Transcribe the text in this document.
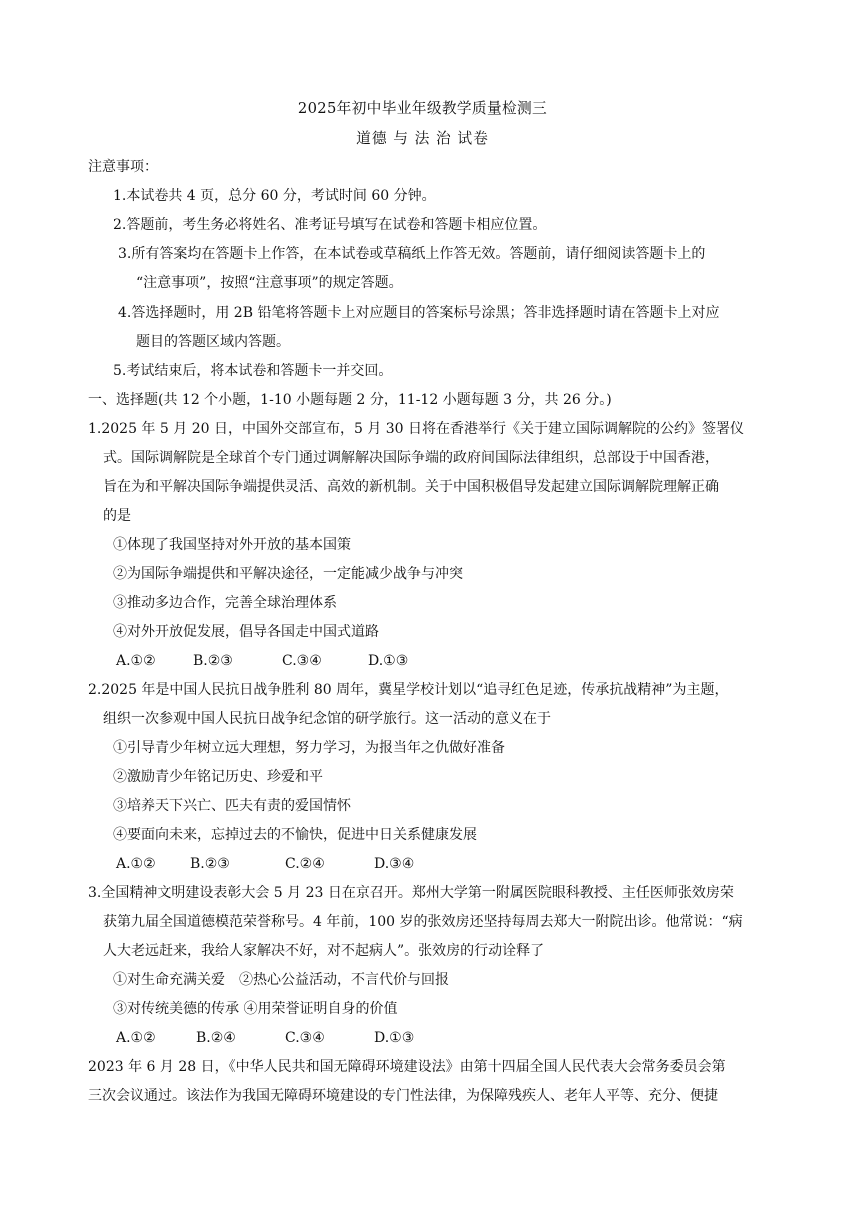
2025年初中毕业年级教学质量检测三
道德 与 法 治 试卷
注意事项：
1.本试卷共 4 页，总分 60 分，考试时间 60 分钟。
2.答题前，考生务必将姓名、准考证号填写在试卷和答题卡相应位置。
3.所有答案均在答题卡上作答，在本试卷或草稿纸上作答无效。答题前，请仔细阅读答题卡上的
“注意事项”，按照“注意事项”的规定答题。
4.答选择题时，用 2B 铅笔将答题卡上对应题目的答案标号涂黑；答非选择题时请在答题卡上对应
题目的答题区域内答题。
5.考试结束后，将本试卷和答题卡一并交回。
一、选择题(共 12 个小题，1-10 小题每题 2 分，11-12 小题每题 3 分，共 26 分。)
1.2025 年 5 月 20 日，中国外交部宣布，5 月 30 日将在香港举行《关于建立国际调解院的公约》签署仪
式。国际调解院是全球首个专门通过调解解决国际争端的政府间国际法律组织，总部设于中国香港，
旨在为和平解决国际争端提供灵活、高效的新机制。关于中国积极倡导发起建立国际调解院理解正确
的是
①体现了我国坚持对外开放的基本国策
②为国际争端提供和平解决途径，一定能减少战争与冲突
③推动多边合作，完善全球治理体系
④对外开放促发展，倡导各国走中国式道路
A.①②	B.②③	C.③④	D.①③
2.2025 年是中国人民抗日战争胜利 80 周年，冀星学校计划以“追寻红色足迹，传承抗战精神”为主题，
组织一次参观中国人民抗日战争纪念馆的研学旅行。这一活动的意义在于
①引导青少年树立远大理想，努力学习，为报当年之仇做好准备
②激励青少年铭记历史、珍爱和平
③培养天下兴亡、匹夫有责的爱国情怀
④要面向未来，忘掉过去的不愉快，促进中日关系健康发展
A.①② B.②③	C.②④	D.③④
3.全国精神文明建设表彰大会 5 月 23 日在京召开。郑州大学第一附属医院眼科教授、主任医师张效房荣
获第九届全国道德模范荣誉称号。4 年前，100 岁的张效房还坚持每周去郑大一附院出诊。他常说：“病
人大老远赶来，我给人家解决不好，对不起病人”。张效房的行动诠释了
①对生命充满关爱　②热心公益活动，不言代价与回报
③对传统美德的传承 ④用荣誉证明自身的价值
A.①②	B.②④	C.③④	D.①③
2023 年 6 月 28 日，《中华人民共和国无障碍环境建设法》由第十四届全国人民代表大会常务委员会第
三次会议通过。该法作为我国无障碍环境建设的专门性法律，为保障残疾人、老年人平等、充分、便捷
